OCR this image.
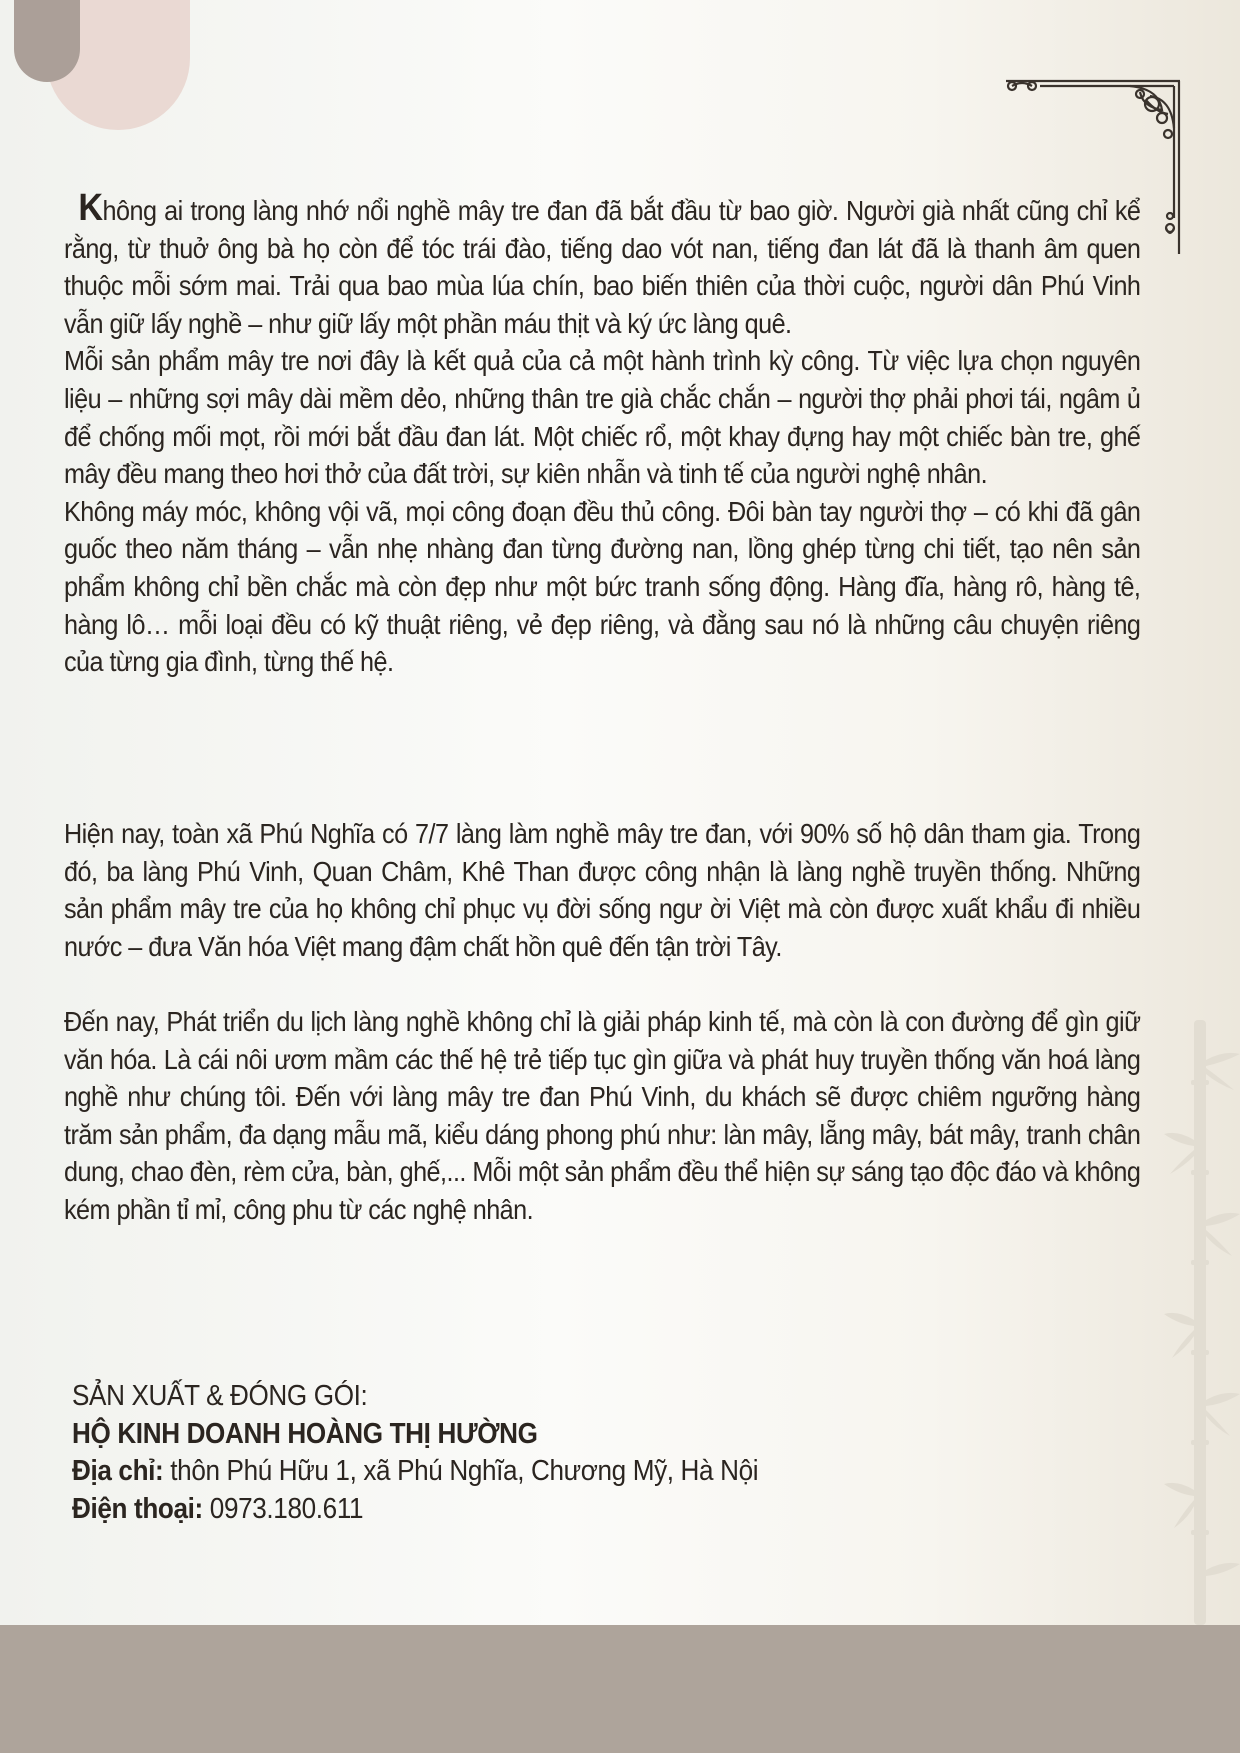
Không ai trong làng nhớ nổi nghề mây tre đan đã bắt đầu từ bao giờ. Người già nhất cũng chỉ kể rằng, từ thuở ông bà họ còn để tóc trái đào, tiếng dao vót nan, tiếng đan lát đã là thanh âm quen thuộc mỗi sớm mai. Trải qua bao mùa lúa chín, bao biến thiên của thời cuộc, người dân Phú Vinh vẫn giữ lấy nghề – như giữ lấy một phần máu thịt và ký ức làng quê.

Mỗi sản phẩm mây tre nơi đây là kết quả của cả một hành trình kỳ công. Từ việc lựa chọn nguyên liệu – những sợi mây dài mềm dẻo, những thân tre già chắc chắn – người thợ phải phơi tái, ngâm ủ để chống mối mọt, rồi mới bắt đầu đan lát. Một chiếc rổ, một khay đựng hay một chiếc bàn tre, ghế mây đều mang theo hơi thở của đất trời, sự kiên nhẫn và tinh tế của người nghệ nhân.

Không máy móc, không vội vã, mọi công đoạn đều thủ công. Đôi bàn tay người thợ – có khi đã gân guốc theo năm tháng – vẫn nhẹ nhàng đan từng đường nan, lồng ghép từng chi tiết, tạo nên sản phẩm không chỉ bền chắc mà còn đẹp như một bức tranh sống động. Hàng đĩa, hàng rô, hàng tê, hàng lô… mỗi loại đều có kỹ thuật riêng, vẻ đẹp riêng, và đằng sau nó là những câu chuyện riêng của từng gia đình, từng thế hệ.

Hiện nay, toàn xã Phú Nghĩa có 7/7 làng làm nghề mây tre đan, với 90% số hộ dân tham gia. Trong đó, ba làng Phú Vinh, Quan Châm, Khê Than được công nhận là làng nghề truyền thống. Những sản phẩm mây tre của họ không chỉ phục vụ đời sống ngư ời Việt mà còn được xuất khẩu đi nhiều nước – đưa Văn hóa Việt mang đậm chất hồn quê đến tận trời Tây.

Đến nay, Phát triển du lịch làng nghề không chỉ là giải pháp kinh tế, mà còn là con đường để gìn giữ văn hóa. Là cái nôi ươm mầm các thế hệ trẻ tiếp tục gìn giữa và phát huy truyền thống văn hoá làng nghề như chúng tôi. Đến với làng mây tre đan Phú Vinh, du khách sẽ được chiêm ngưỡng hàng trăm sản phẩm, đa dạng mẫu mã, kiểu dáng phong phú như: làn mây, lẵng mây, bát mây, tranh chân dung, chao đèn, rèm cửa, bàn, ghế,... Mỗi một sản phẩm đều thể hiện sự sáng tạo độc đáo và không kém phần tỉ mỉ, công phu từ các nghệ nhân.

SẢN XUẤT & ĐÓNG GÓI:
HỘ KINH DOANH HOÀNG THỊ HƯỜNG
Địa chỉ: thôn Phú Hữu 1, xã Phú Nghĩa, Chương Mỹ, Hà Nội
Điện thoại: 0973.180.611
